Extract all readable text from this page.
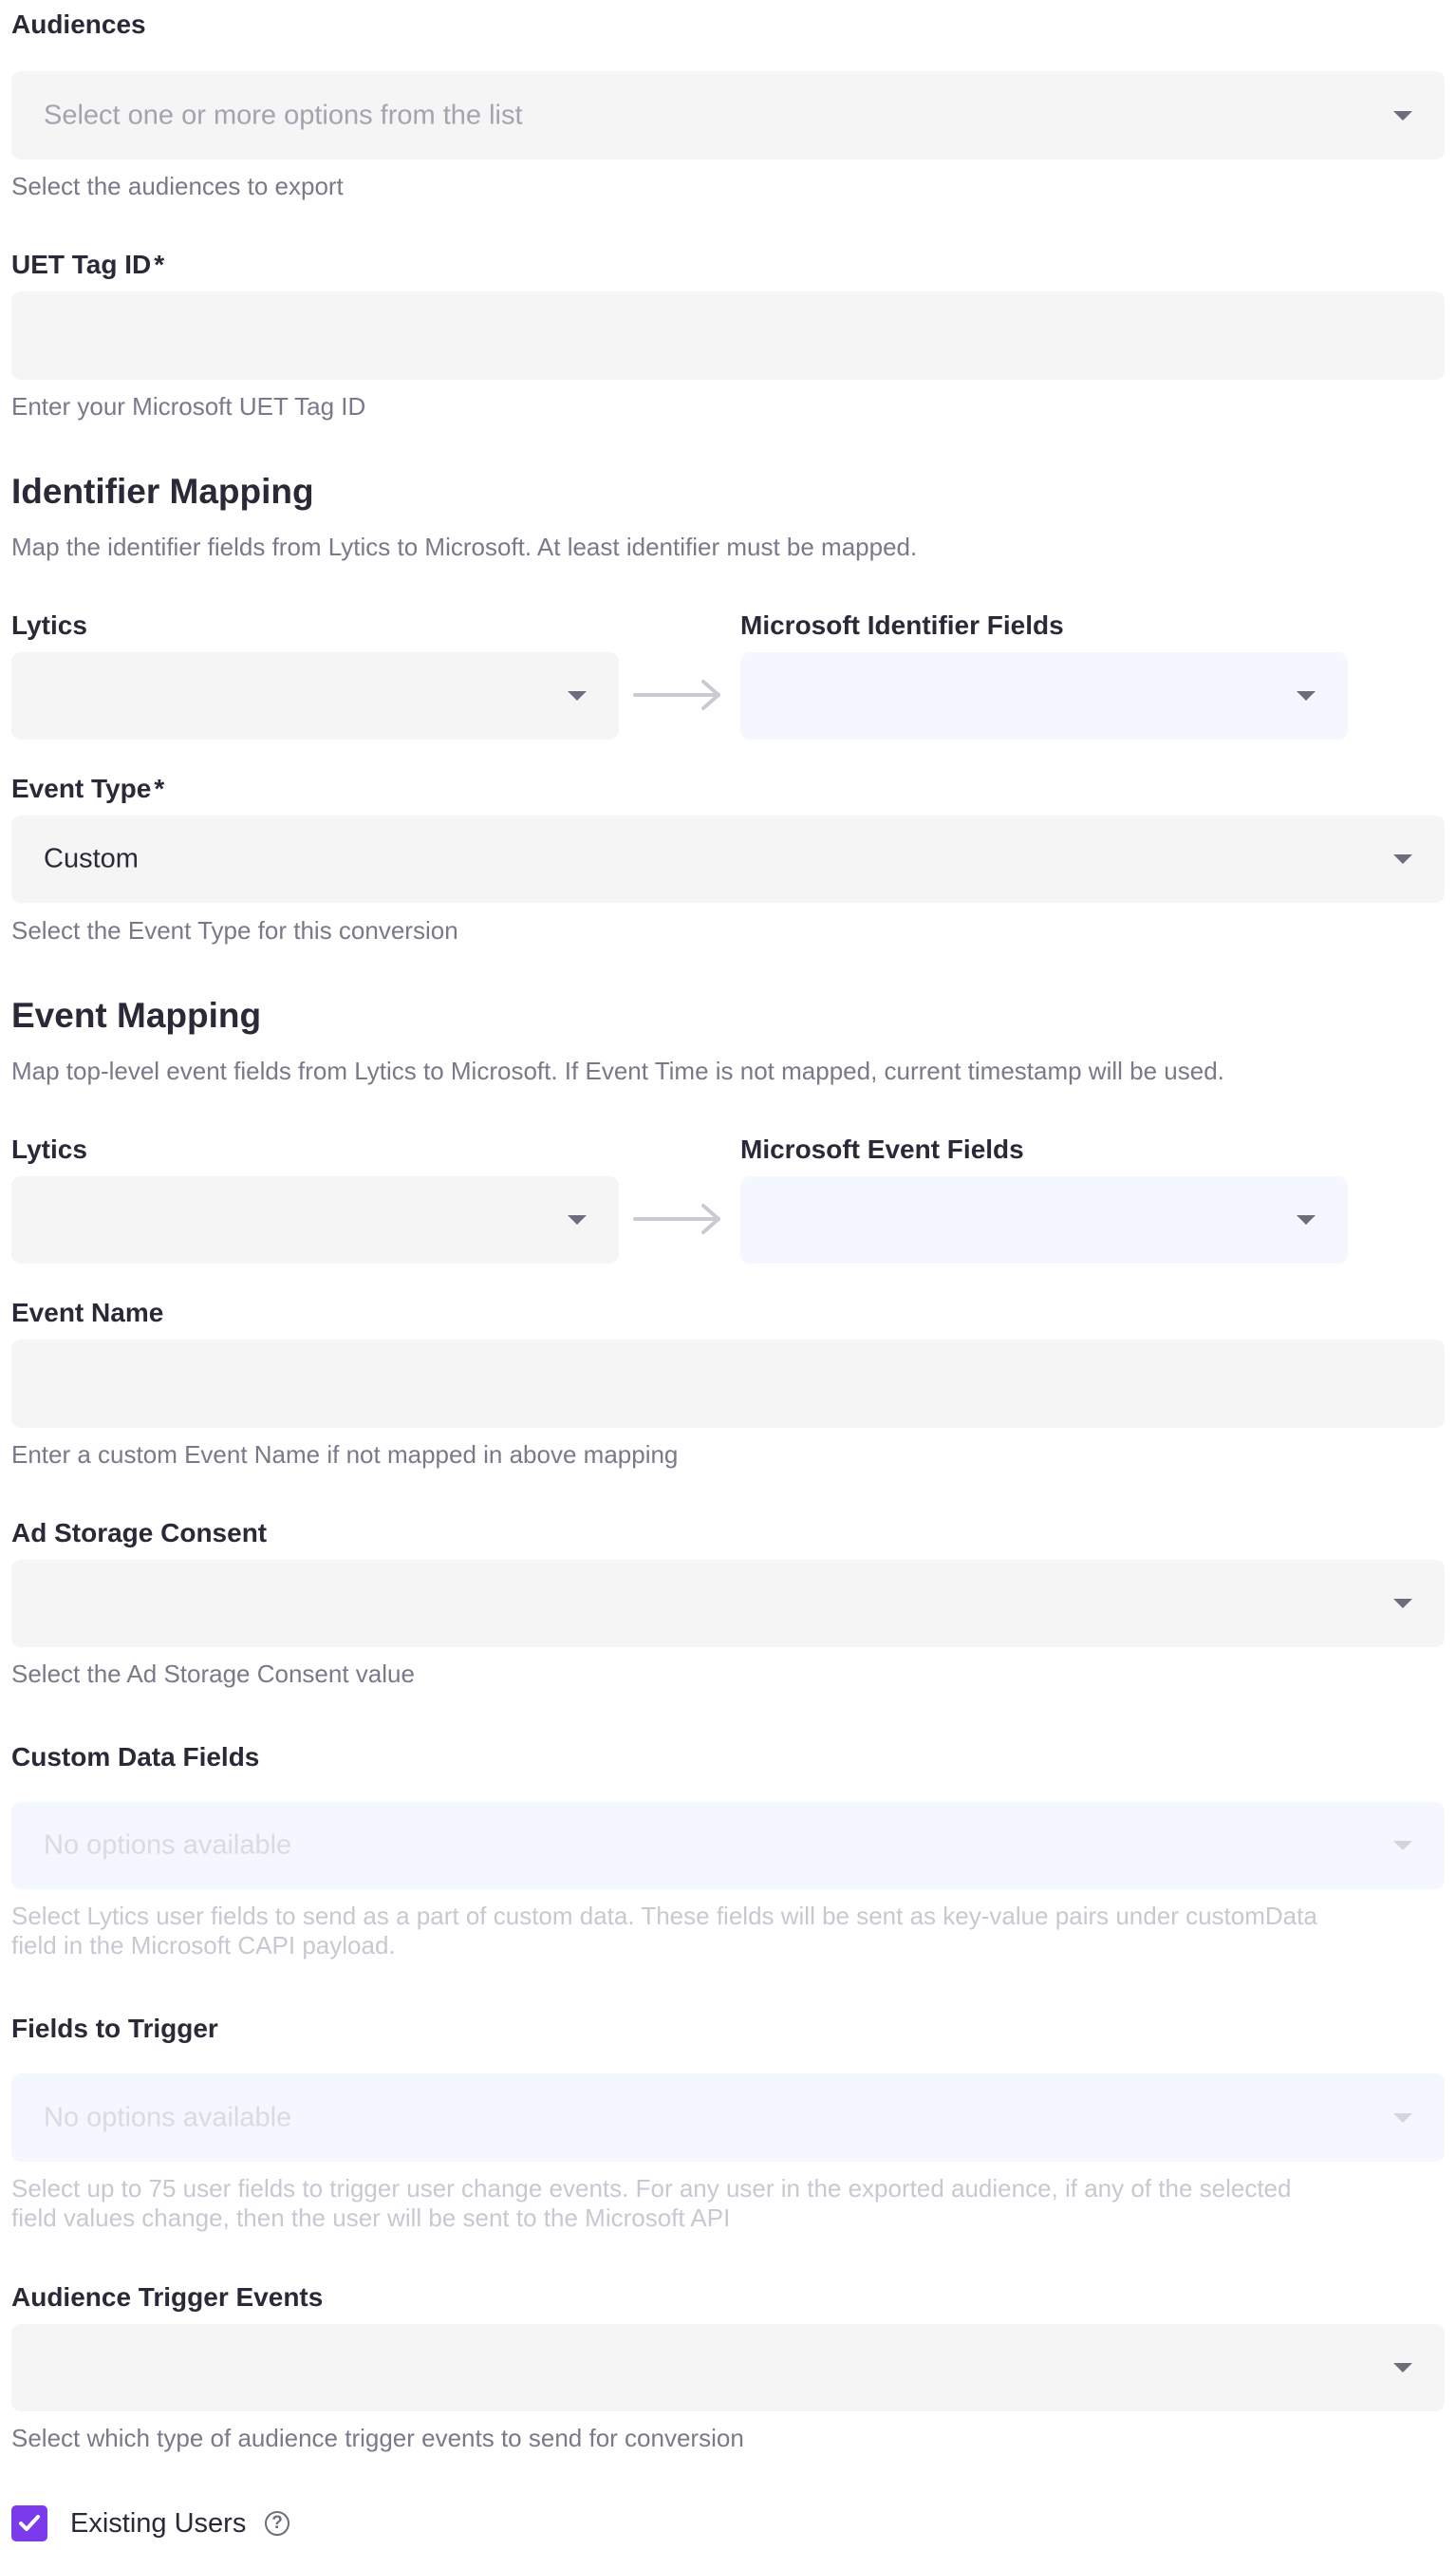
Audiences
Select one or more options from the list
Select the audiences to export
UET Tag ID *
Enter your Microsoft UET Tag ID
Identifier Mapping
Map the identifier fields from Lytics to Microsoft. At least identifier must be mapped.
Lytics	Microsoft Identifier Fields
Event Type *
Custom
Select the Event Type for this conversion
Event Mapping
Map top-level event fields from Lytics to Microsoft. If Event Time is not mapped, current timestamp will be used.
Lytics	Microsoft Event Fields
Event Name
Enter a custom Event Name if not mapped in above mapping
Ad Storage Consent
Select the Ad Storage Consent value
Custom Data Fields
No options available
Select Lytics user fields to send as a part of custom data. These fields will be sent as key-value pairs under customData
field in the Microsoft CAPI payload.
Fields to Trigger
No options available
Select up to 75 user fields to trigger user change events. For any user in the exported audience, if any of the selected
field values change, then the user will be sent to the Microsoft API
Audience Trigger Events
Select which type of audience trigger events to send for conversion
Existing Users	?
